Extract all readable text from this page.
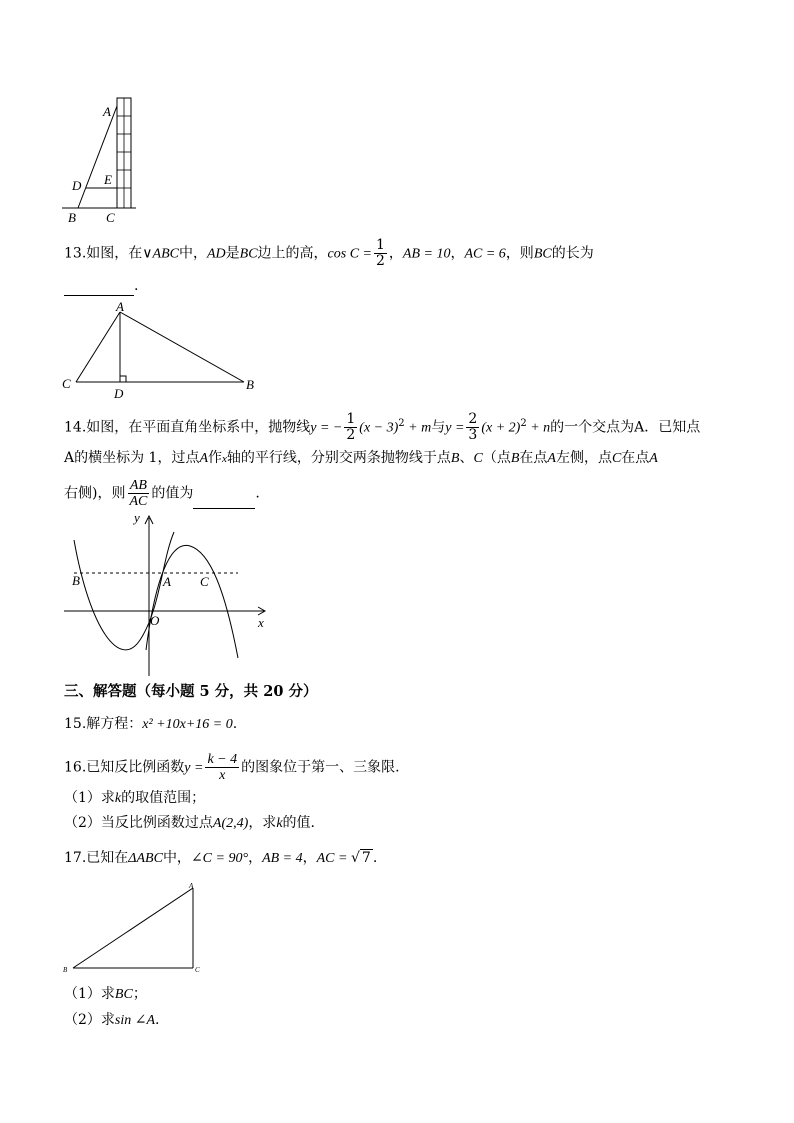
A
D E
B C
13.如图，在∨ABC中，AD是BC边上的高，$\cos C = \frac{1}{2}$ ，AB = 10，AC = 6，则BC的长为
.
A
C	B
D
14.如图，在平面直角坐标系中，抛物线y = − $\frac{1}{2} (x - 3)^2 + m$与$y = \frac{2}{3} (x + 2)^2 + n$的一个交点为A．已知点
A的横坐标为 1，过点A作x轴的平行线，分别交两条抛物线于点B、C（点B在点A左侧，点C在点A
右侧)，则 $\frac{AB}{AC}$ 的值为	.
y
x
O
B	A C
三、解答题（每小题 5 分，共 20 分）
15.解方程：x² +10x+16 = 0.
16.已知反比例函数$y = \frac{k - 4}{x}$ 的图象位于第一、三象限.
（1）求k的取值范围；
（2）当反比例函数过点A(2,4)，求k的值.
17.已知在ΔABC中，∠C = 90°，AB = 4，AC = √ 7 .
A
B	C
（1）求BC；
（2）求sin ∠A.
